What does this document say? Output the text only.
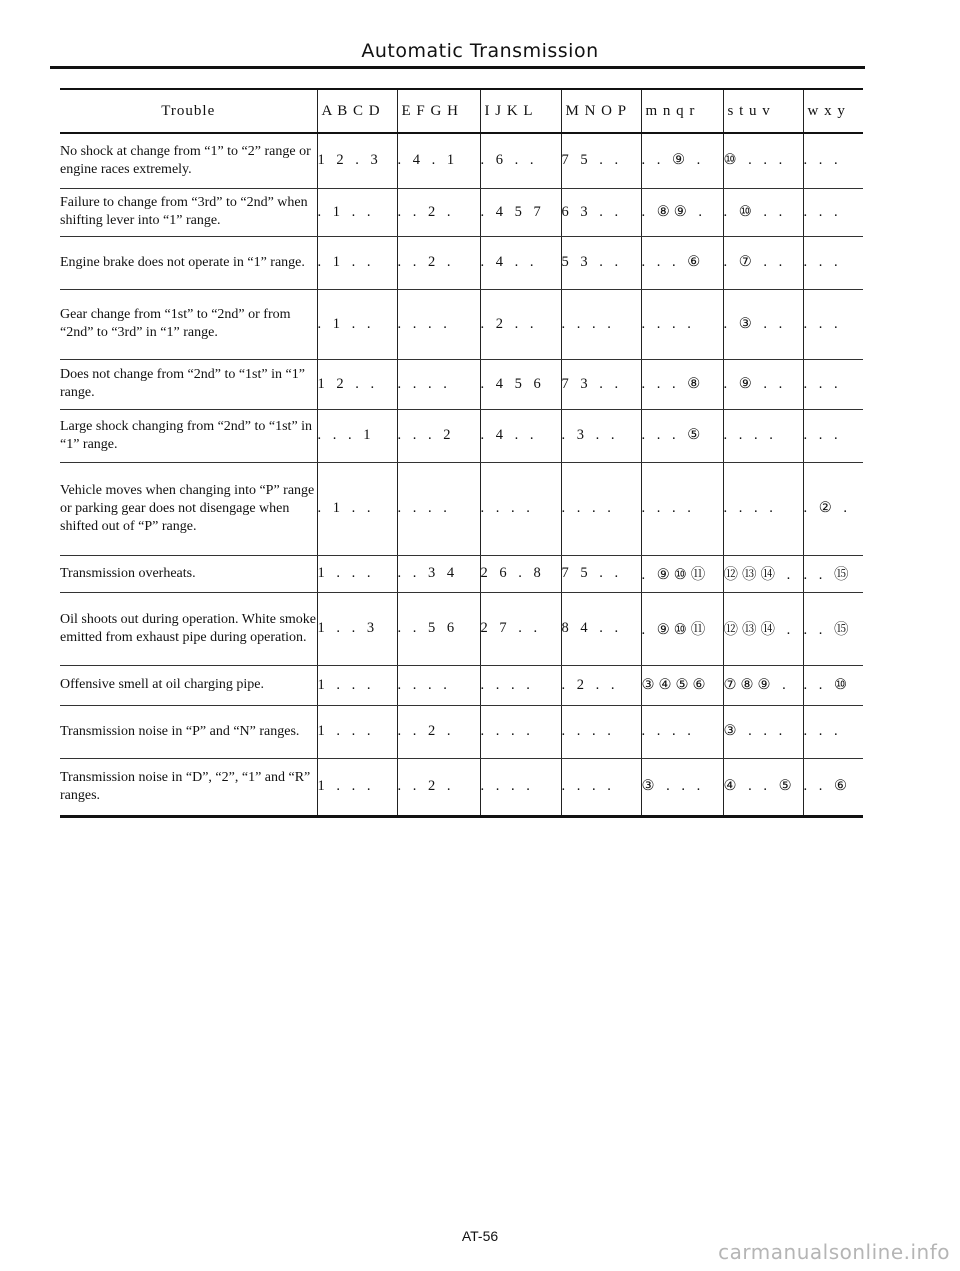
Automatic Transmission
Trouble	A B C D	E F G H	I J K L	M N O P	m n q r	s t u v	w x y
No shock at change from “1” to “2” range or engine races extremely.	1 2 . 3	. 4 . 1	. 6 . .	7 5 . .	. . ⑨ .	⑩ . . .	. . .
Failure to change from “3rd” to “2nd” when shifting lever into “1” range.	. 1 . .	. . 2 .	. 4 5 7	6 3 . .	. ⑧⑨ .	. ⑩ . .	. . .
Engine brake does not operate in “1” range.	. 1 . .	. . 2 .	. 4 . .	5 3 . .	. . . ⑥	. ⑦ . .	. . .
Gear change from “1st” to “2nd” or from “2nd” to “3rd” in “1” range.	. 1 . .	. . . .	. 2 . .	. . . .	. . . .	. ③ . .	. . .
Does not change from “2nd” to “1st” in “1” range.	1 2 . .	. . . .	. 4 5 6	7 3 . .	. . . ⑧	. ⑨ . .	. . .
Large shock changing from “2nd” to “1st” in “1” range.	. . . 1	. . . 2	. 4 . .	. 3 . .	. . . ⑤	. . . .	. . .
Vehicle moves when changing into “P” range or parking gear does not disengage when shifted out of “P” range.	. 1 . .	. . . .	. . . .	. . . .	. . . .	. . . .	. ② .
Transmission overheats.	1 . . .	. . 3 4	2 6 . 8	7 5 . .	. ⑨⑩⑪	⑫⑬⑭ .	. . ⑮
Oil shoots out during operation. White smoke emitted from exhaust pipe during operation.	1 . . 3	. . 5 6	2 7 . .	8 4 . .	. ⑨⑩⑪	⑫⑬⑭ .	. . ⑮
Offensive smell at oil charging pipe.	1 . . .	. . . .	. . . .	. 2 . .	③④⑤⑥	⑦⑧⑨ .	. . ⑩
Transmission noise in “P” and “N” ranges.	1 . . .	. . 2 .	. . . .	. . . .	. . . .	③ . . .	. . .
Transmission noise in “D”, “2”, “1” and “R” ranges.	1 . . .	. . 2 .	. . . .	. . . .	③ . . .	④ . . ⑤	. . ⑥
AT-56
carmanualsonline.info
